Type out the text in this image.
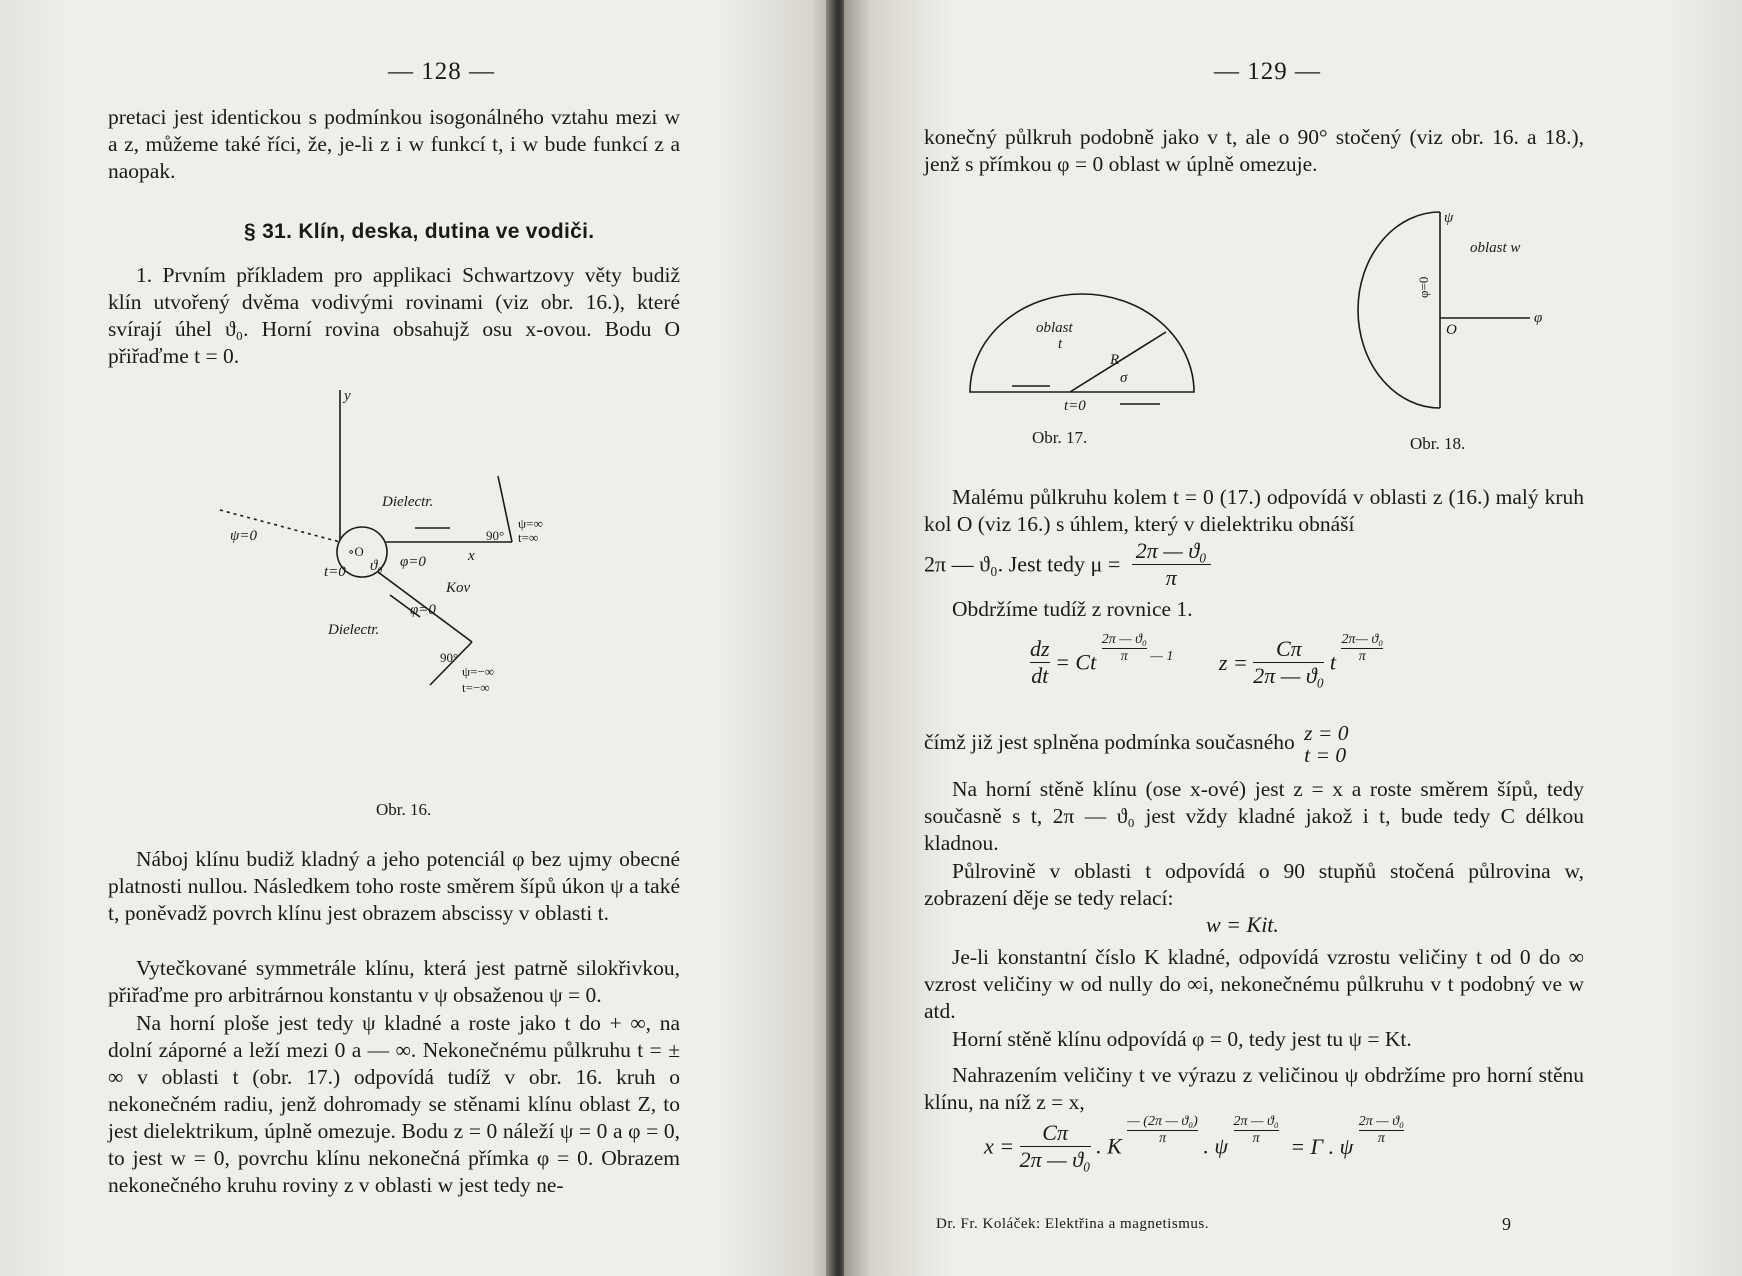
— 128 —

pretaci jest identickou s podmínkou isogonálného vztahu mezi w a z, můžeme také říci, že, je-li z i w funkcí t, i w bude funkcí z a naopak.

§ 31. Klín, deska, dutina ve vodiči.

1. Prvním příkladem pro applikaci Schwartzovy věty budiž klín utvořený dvěma vodivými rovinami (viz obr. 16.), které svírají úhel ϑ₀. Horní rovina obsahujž osu x-ovou. Bodu O přiřaďme t = 0.

y
Dielectr.
Dielectr.
Kov
ψ=0
∘O
t=0 ϑ₀ φ=0	x
φ=0
90°
90°
ψ=∞
t=∞
ψ=−∞
t=−∞
Obr. 16.

Náboj klínu budiž kladný a jeho potenciál φ bez ujmy obecné platnosti nullou. Následkem toho roste směrem šípů úkon ψ a také t, poněvadž povrch klínu jest obrazem abscissy v oblasti t.

Vytečkované symmetrále klínu, která jest patrně silokřivkou, přiřaďme pro arbitrárnou konstantu v ψ obsaženou ψ = 0.

Na horní ploše jest tedy ψ kladné a roste jako t do + ∞, na dolní záporné a leží mezi 0 a — ∞. Nekonečnému půlkruhu t = ± ∞ v oblasti t (obr. 17.) odpovídá tudíž v obr. 16. kruh o nekonečném radiu, jenž dohromady se stěnami klínu oblast Z, to jest dielektrikum, úplně omezuje. Bodu z = 0 náleží ψ = 0 a φ = 0, to jest w = 0, povrchu klínu nekonečná přímka φ = 0. Obrazem nekonečného kruhu roviny z v oblasti w jest tedy ne-

— 129 —

konečný půlkruh podobně jako v t, ale o 90° stočený (viz obr. 16. a 18.), jenž s přímkou φ = 0 oblast w úplně omezuje.

oblast
t
R
σ
t=0
Obr. 17.
ψ
oblast w
φ
O
φ=0
Obr. 18.

Malému půlkruhu kolem t = 0 (17.) odpovídá v oblasti z (16.) malý kruh kol O (viz 16.) s úhlem, který v dielektriku obnáší

2π — ϑ₀. Jest tedy $\mu = \frac{\text{2π — ϑ₀}}{\pi}$

Obdržíme tudíž z rovnice 1.

$\frac{dz}{dt} = Ct \frac{\text{2π — ϑ₀}}{\pi}$ — 1 $z = \frac{C\pi}{\text{2π — ϑ₀}}$ t $\frac{\text{2π— ϑ₀}}{\pi}$
čímž již jest splněna podmínka současného z = 0
t = 0

Na horní stěně klínu (ose x-ové) jest z = x a roste směrem šípů, tedy současně s t, 2π — ϑ₀ jest vždy kladné jakož i t, bude tedy C délkou kladnou.

Půlrovině v oblasti t odpovídá o 90 stupňů stočená půlrovina w, zobrazení děje se tedy relací:

w = Kit.

Je-li konstantní číslo K kladné, odpovídá vzrostu veličiny t od 0 do ∞ vzrost veličiny w od nully do ∞i, nekonečnému půlkruhu v t podobný ve w atd.

Horní stěně klínu odpovídá φ = 0, tedy jest tu ψ = Kt.

Nahrazením veličiny t ve výrazu z veličinou ψ obdržíme pro horní stěnu klínu, na níž z = x,

$x = \frac{C\pi}{\text{2π — ϑ₀}}$ . K $\frac{\text{— (2π — ϑ₀)}}{\pi}$ . ψ $\frac{\text{2π — ϑ₀}}{\pi} = \Gamma$ . ψ $\frac{\text{2π — ϑ₀}}{\pi}$
Dr. Fr. Koláček: Elektřina a magnetismus.	9
